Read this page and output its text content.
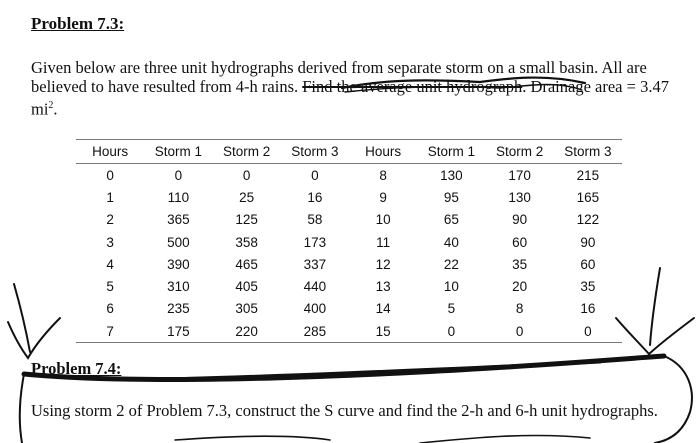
Problem 7.3:
Given below are three unit hydrographs derived from separate storm on a small basin. All are believed to have resulted from 4-h rains. Find the average unit hydrograph. Drainage area = 3.47 $mi^2$.
Hours	Storm 1	Storm 2	Storm 3	Hours	Storm 1	Storm 2	Storm 3
0	0	0	0	8	130	170	215
1	110	25	16	9	95	130	165
2	365	125	58	10	65	90	122
3	500	358	173	11	40	60	90
4	390	465	337	12	22	35	60
5	310	405	440	13	10	20	35
6	235	305	400	14	5	8	16
7	175	220	285	15	0	0	0
Problem 7.4:
Using storm 2 of Problem 7.3, construct the S curve and find the 2-h and 6-h unit hydrographs.
